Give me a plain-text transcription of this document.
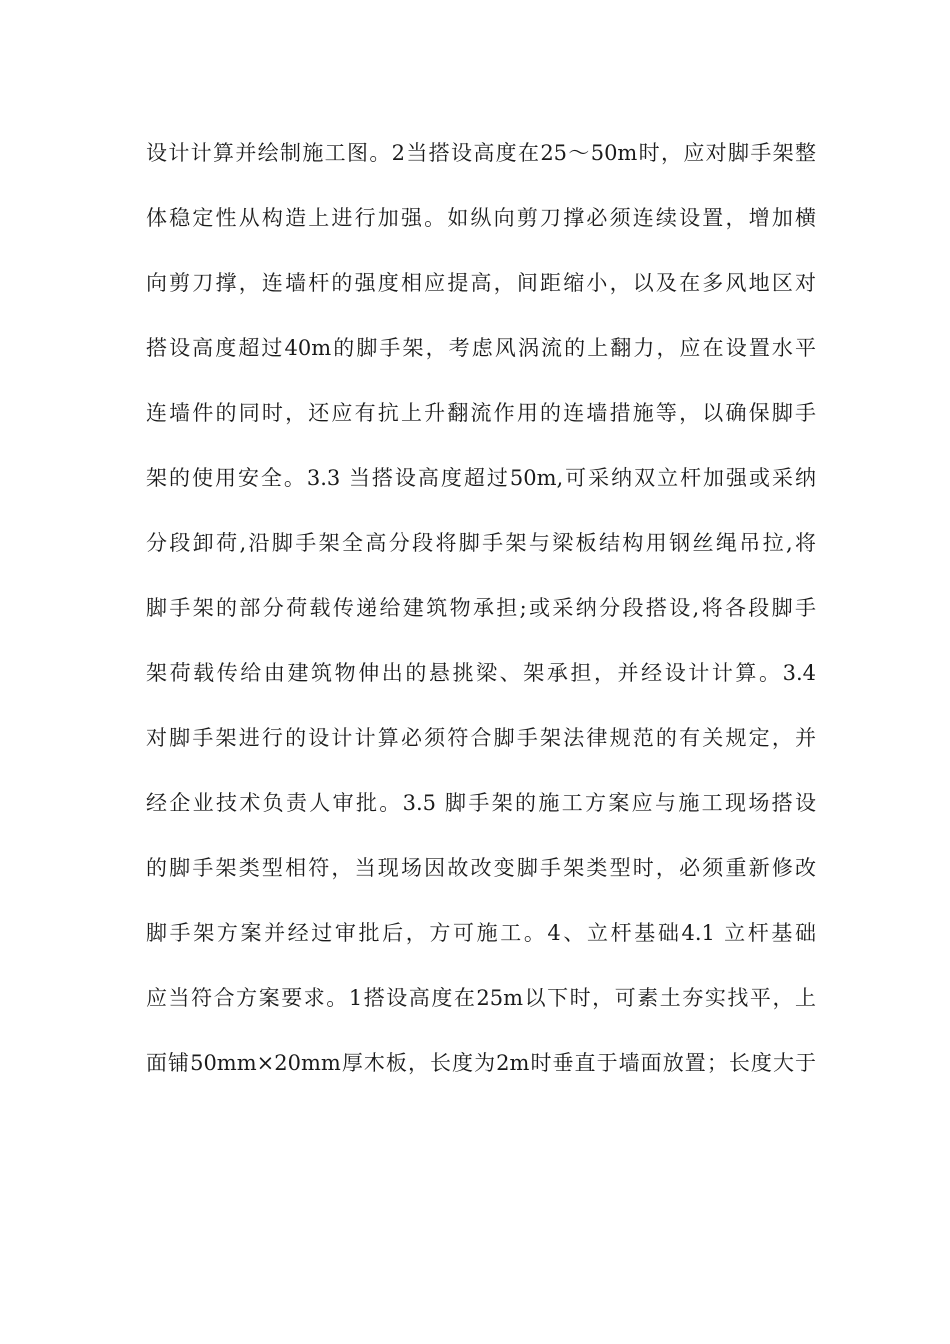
设计计算并绘制施工图。2当搭设高度在25～50m时，应对脚手架整
体稳定性从构造上进行加强。如纵向剪刀撑必须连续设置，增加横
向剪刀撑，连墙杆的强度相应提高，间距缩小，以及在多风地区对
搭设高度超过40m的脚手架，考虑风涡流的上翻力，应在设置水平
连墙件的同时，还应有抗上升翻流作用的连墙措施等，以确保脚手
架的使用安全。3.3 当搭设高度超过50m,可采纳双立杆加强或采纳
分段卸荷,沿脚手架全高分段将脚手架与梁板结构用钢丝绳吊拉,将
脚手架的部分荷载传递给建筑物承担;或采纳分段搭设,将各段脚手
架荷载传给由建筑物伸出的悬挑梁、架承担，并经设计计算。3.4
对脚手架进行的设计计算必须符合脚手架法律规范的有关规定，并
经企业技术负责人审批。3.5 脚手架的施工方案应与施工现场搭设
的脚手架类型相符，当现场因故改变脚手架类型时，必须重新修改
脚手架方案并经过审批后，方可施工。4、立杆基础4.1 立杆基础
应当符合方案要求。1搭设高度在25m以下时，可素土夯实找平，上
面铺50mm×20mm厚木板，长度为2m时垂直于墙面放置；长度大于
